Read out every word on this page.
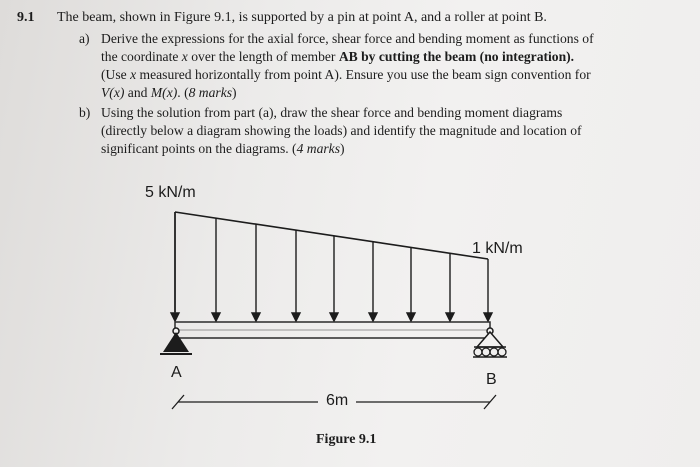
9.1 The beam, shown in Figure 9.1, is supported by a pin at point A, and a roller at point B.
a) Derive the expressions for the axial force, shear force and bending moment as functions of
the coordinate x over the length of member AB by cutting the beam (no integration).
(Use x measured horizontally from point A). Ensure you use the beam sign convention for
V(x) and M(x). (8 marks)
b) Using the solution from part (a), draw the shear force and bending moment diagrams
(directly below a diagram showing the loads) and identify the magnitude and location of
significant points on the diagrams. (4 marks)
5 kN/m
1 kN/m
A	B
6m
Figure 9.1
